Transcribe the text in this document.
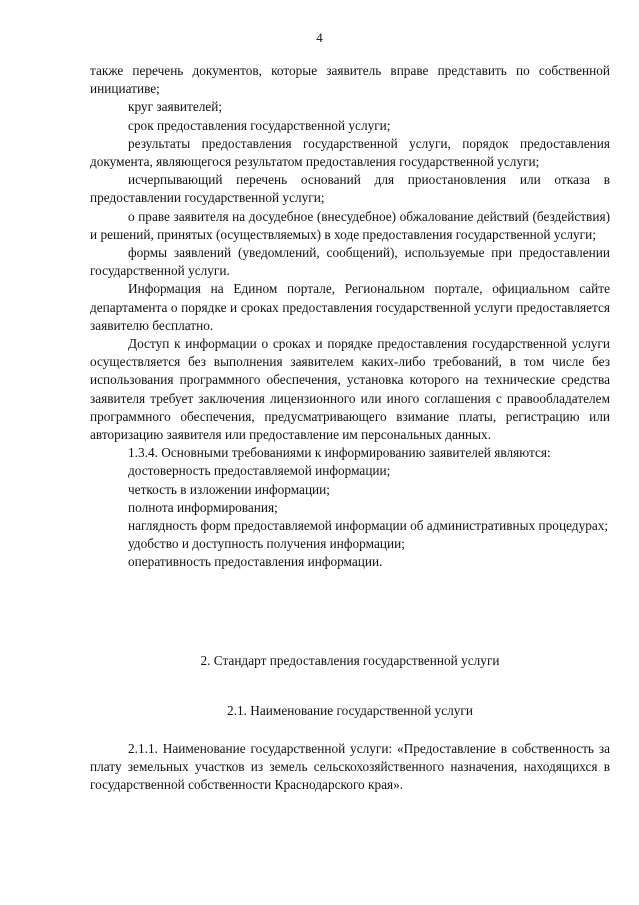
4

также перечень документов, которые заявитель вправе представить по собственной инициативе;

круг заявителей;

срок предоставления государственной услуги;

результаты предоставления государственной услуги, порядок предоставления документа, являющегося результатом предоставления государственной услуги;

исчерпывающий перечень оснований для приостановления или отказа в предоставлении государственной услуги;

о праве заявителя на досудебное (внесудебное) обжалование действий (бездействия) и решений, принятых (осуществляемых) в ходе предоставления государственной услуги;

формы заявлений (уведомлений, сообщений), используемые при предоставлении государственной услуги.

Информация на Едином портале, Региональном портале, официальном сайте департамента о порядке и сроках предоставления государственной услуги предоставляется заявителю бесплатно.

Доступ к информации о сроках и порядке предоставления государственной услуги осуществляется без выполнения заявителем каких-либо требований, в том числе без использования программного обеспечения, установка которого на технические средства заявителя требует заключения лицензионного или иного соглашения с правообладателем программного обеспечения, предусматривающего взимание платы, регистрацию или авторизацию заявителя или предоставление им персональных данных.

1.3.4. Основными требованиями к информированию заявителей являются:

достоверность предоставляемой информации;

четкость в изложении информации;

полнота информирования;

наглядность форм предоставляемой информации об административных процедурах;

удобство и доступность получения информации;

оперативность предоставления информации.

2. Стандарт предоставления государственной услуги
2.1. Наименование государственной услуги

2.1.1. Наименование государственной услуги: «Предоставление в собственность за плату земельных участков из земель сельскохозяйственного назначения, находящихся в государственной собственности Краснодарского края».
